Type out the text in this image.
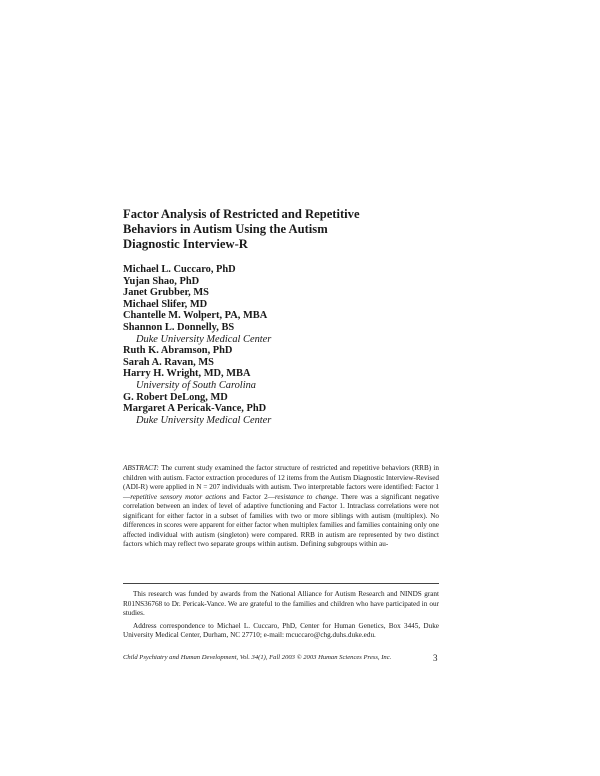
Factor Analysis of Restricted and Repetitive
Behaviors in Autism Using the Autism
Diagnostic Interview-R
Michael L. Cuccaro, PhD
Yujan Shao, PhD
Janet Grubber, MS
Michael Slifer, MD
Chantelle M. Wolpert, PA, MBA
Shannon L. Donnelly, BS
Duke University Medical Center
Ruth K. Abramson, PhD
Sarah A. Ravan, MS
Harry H. Wright, MD, MBA
University of South Carolina
G. Robert DeLong, MD
Margaret A Pericak-Vance, PhD
Duke University Medical Center
ABSTRACT: The current study examined the factor structure of restricted and repetitive behaviors (RRB) in children with autism. Factor extraction procedures of 12 items from the Autism Diagnostic Interview-Revised (ADI-R) were applied in N = 207 individuals with autism. Two interpretable factors were identified: Factor 1—repetitive sensory motor actions and Factor 2—resistance to change. There was a significant negative correlation between an index of level of adaptive functioning and Factor 1. Intraclass correlations were not significant for either factor in a subset of families with two or more siblings with autism (multiplex). No differences in scores were apparent for either factor when multiplex families and families containing only one affected individual with autism (singleton) were compared. RRB in autism are represented by two distinct factors which may reflect two separate groups within autism. Defining subgroups within au-

This research was funded by awards from the National Alliance for Autism Research and NINDS grant R01NS36768 to Dr. Pericak-Vance. We are grateful to the families and children who have participated in our studies.

Address correspondence to Michael L. Cuccaro, PhD, Center for Human Genetics, Box 3445, Duke University Medical Center, Durham, NC 27710; e-mail: mcuccaro@chg.duhs.duke.edu.

Child Psychiatry and Human Development, Vol. 34(1), Fall 2003 © 2003 Human Sciences Press, Inc.	3
